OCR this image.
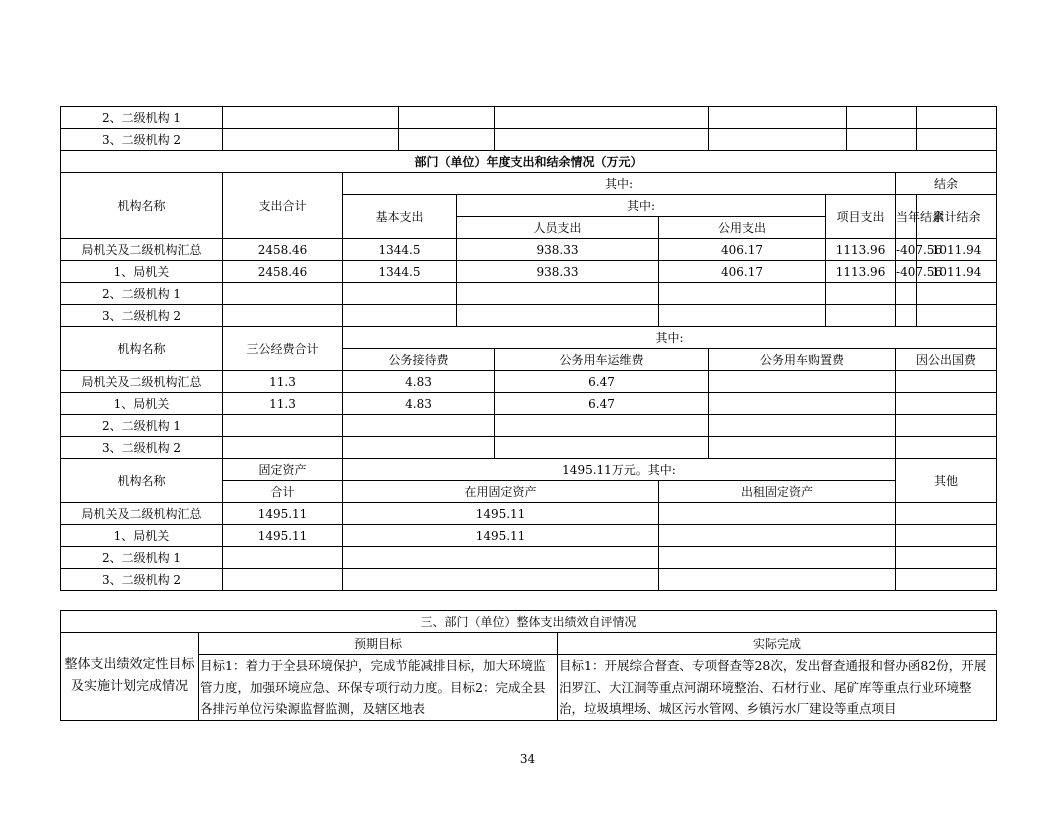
2、二级机构 1											
3、二级机构 2											
部门（单位）年度支出和结余情况（万元）											
机构名称	支出合计	其中:								结余	
		基本支出		其中:				项目支出		当年结余	累计结余
				人员支出		公用支出					
局机关及二级机构汇总	2458.46	1344.5		938.33		406.17		1113.96		-407.56	1011.94
1、局机关	2458.46	1344.5		938.33		406.17		1113.96		-407.56	1011.94
2、二级机构 1											
3、二级机构 2											
机构名称	三公经费合计	其中:									
		公务接待费			公务用车运维费		公务用车购置费			因公出国费	
局机关及二级机构汇总	11.3	4.83			6.47						
1、局机关	11.3	4.83			6.47						
2、二级机构 1											
3、二级机构 2											
机构名称	固定资产	1495.11万元。其中:								其他	
	合计	在用固定资产				出租固定资产					
局机关及二级机构汇总	1495.11	1495.11									
1、局机关	1495.11	1495.11									
2、二级机构 1											
3、二级机构 2											
三、部门（单位）整体支出绩效自评情况		
整体支出绩效定性目标及实施计划完成情况	预期目标	实际完成
	目标1：着力于全县环境保护，完成节能减排目标，加大环境监管力度，加强环境应急、环保专项行动力度。目标2：完成全县各排污单位污染源监督监测，及辖区地表	目标1：开展综合督查、专项督查等28次，发出督查通报和督办函82份，开展汨罗江、大江洞等重点河湖环境整治、石材行业、尾矿库等重点行业环境整治，垃圾填埋场、城区污水管网、乡镇污水厂建设等重点项目
34
